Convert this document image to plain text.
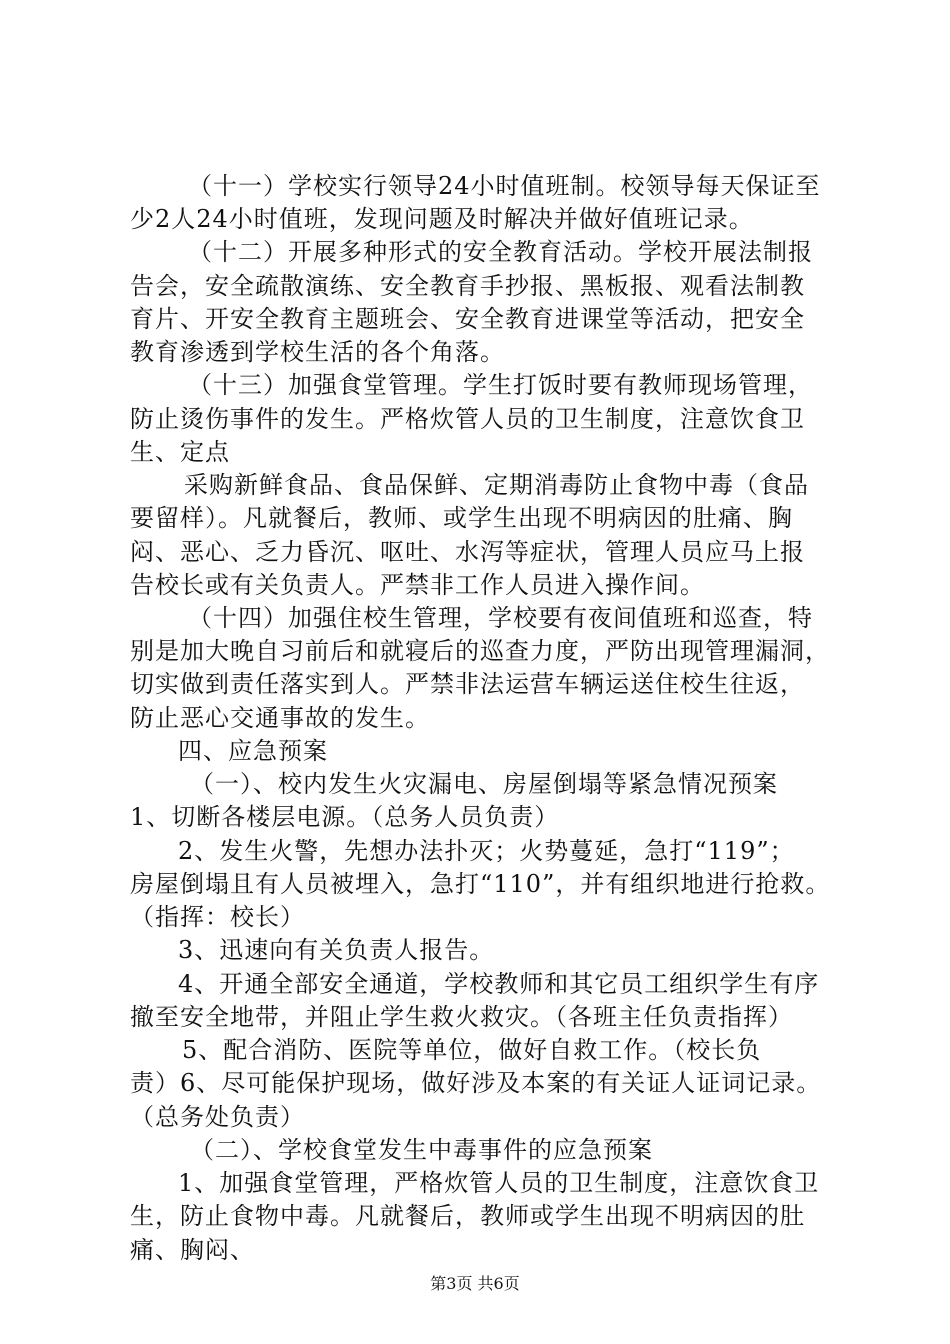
（十一）学校实行领导24小时值班制。校领导每天保证至
少2人24小时值班，发现问题及时解决并做好值班记录。
（十二）开展多种形式的安全教育活动。学校开展法制报
告会，安全疏散演练、安全教育手抄报、黑板报、观看法制教
育片、开安全教育主题班会、安全教育进课堂等活动，把安全
教育渗透到学校生活的各个角落。
（十三）加强食堂管理。学生打饭时要有教师现场管理，
防止烫伤事件的发生。严格炊管人员的卫生制度，注意饮食卫
生、定点
采购新鲜食品、食品保鲜、定期消毒防止食物中毒（食品
要留样）。凡就餐后，教师、或学生出现不明病因的肚痛、胸
闷、恶心、乏力昏沉、呕吐、水泻等症状，管理人员应马上报
告校长或有关负责人。严禁非工作人员进入操作间。
（十四）加强住校生管理，学校要有夜间值班和巡查，特
别是加大晚自习前后和就寝后的巡查力度，严防出现管理漏洞，
切实做到责任落实到人。严禁非法运营车辆运送住校生往返，
防止恶心交通事故的发生。
四、应急预案
（一）、校内发生火灾漏电、房屋倒塌等紧急情况预案
1、切断各楼层电源。（总务人员负责）
2、发生火警，先想办法扑灭；火势蔓延，急打“119”；
房屋倒塌且有人员被埋入，急打“110”，并有组织地进行抢救。
（指挥：校长）
3、迅速向有关负责人报告。
4、开通全部安全通道，学校教师和其它员工组织学生有序
撤至安全地带，并阻止学生救火救灾。（各班主任负责指挥）
5、配合消防、医院等单位，做好自救工作。（校长负
责）6、尽可能保护现场，做好涉及本案的有关证人证词记录。
（总务处负责）
（二）、学校食堂发生中毒事件的应急预案
1、加强食堂管理，严格炊管人员的卫生制度，注意饮食卫
生，防止食物中毒。凡就餐后，教师或学生出现不明病因的肚
痛、胸闷、
第3页 共6页
